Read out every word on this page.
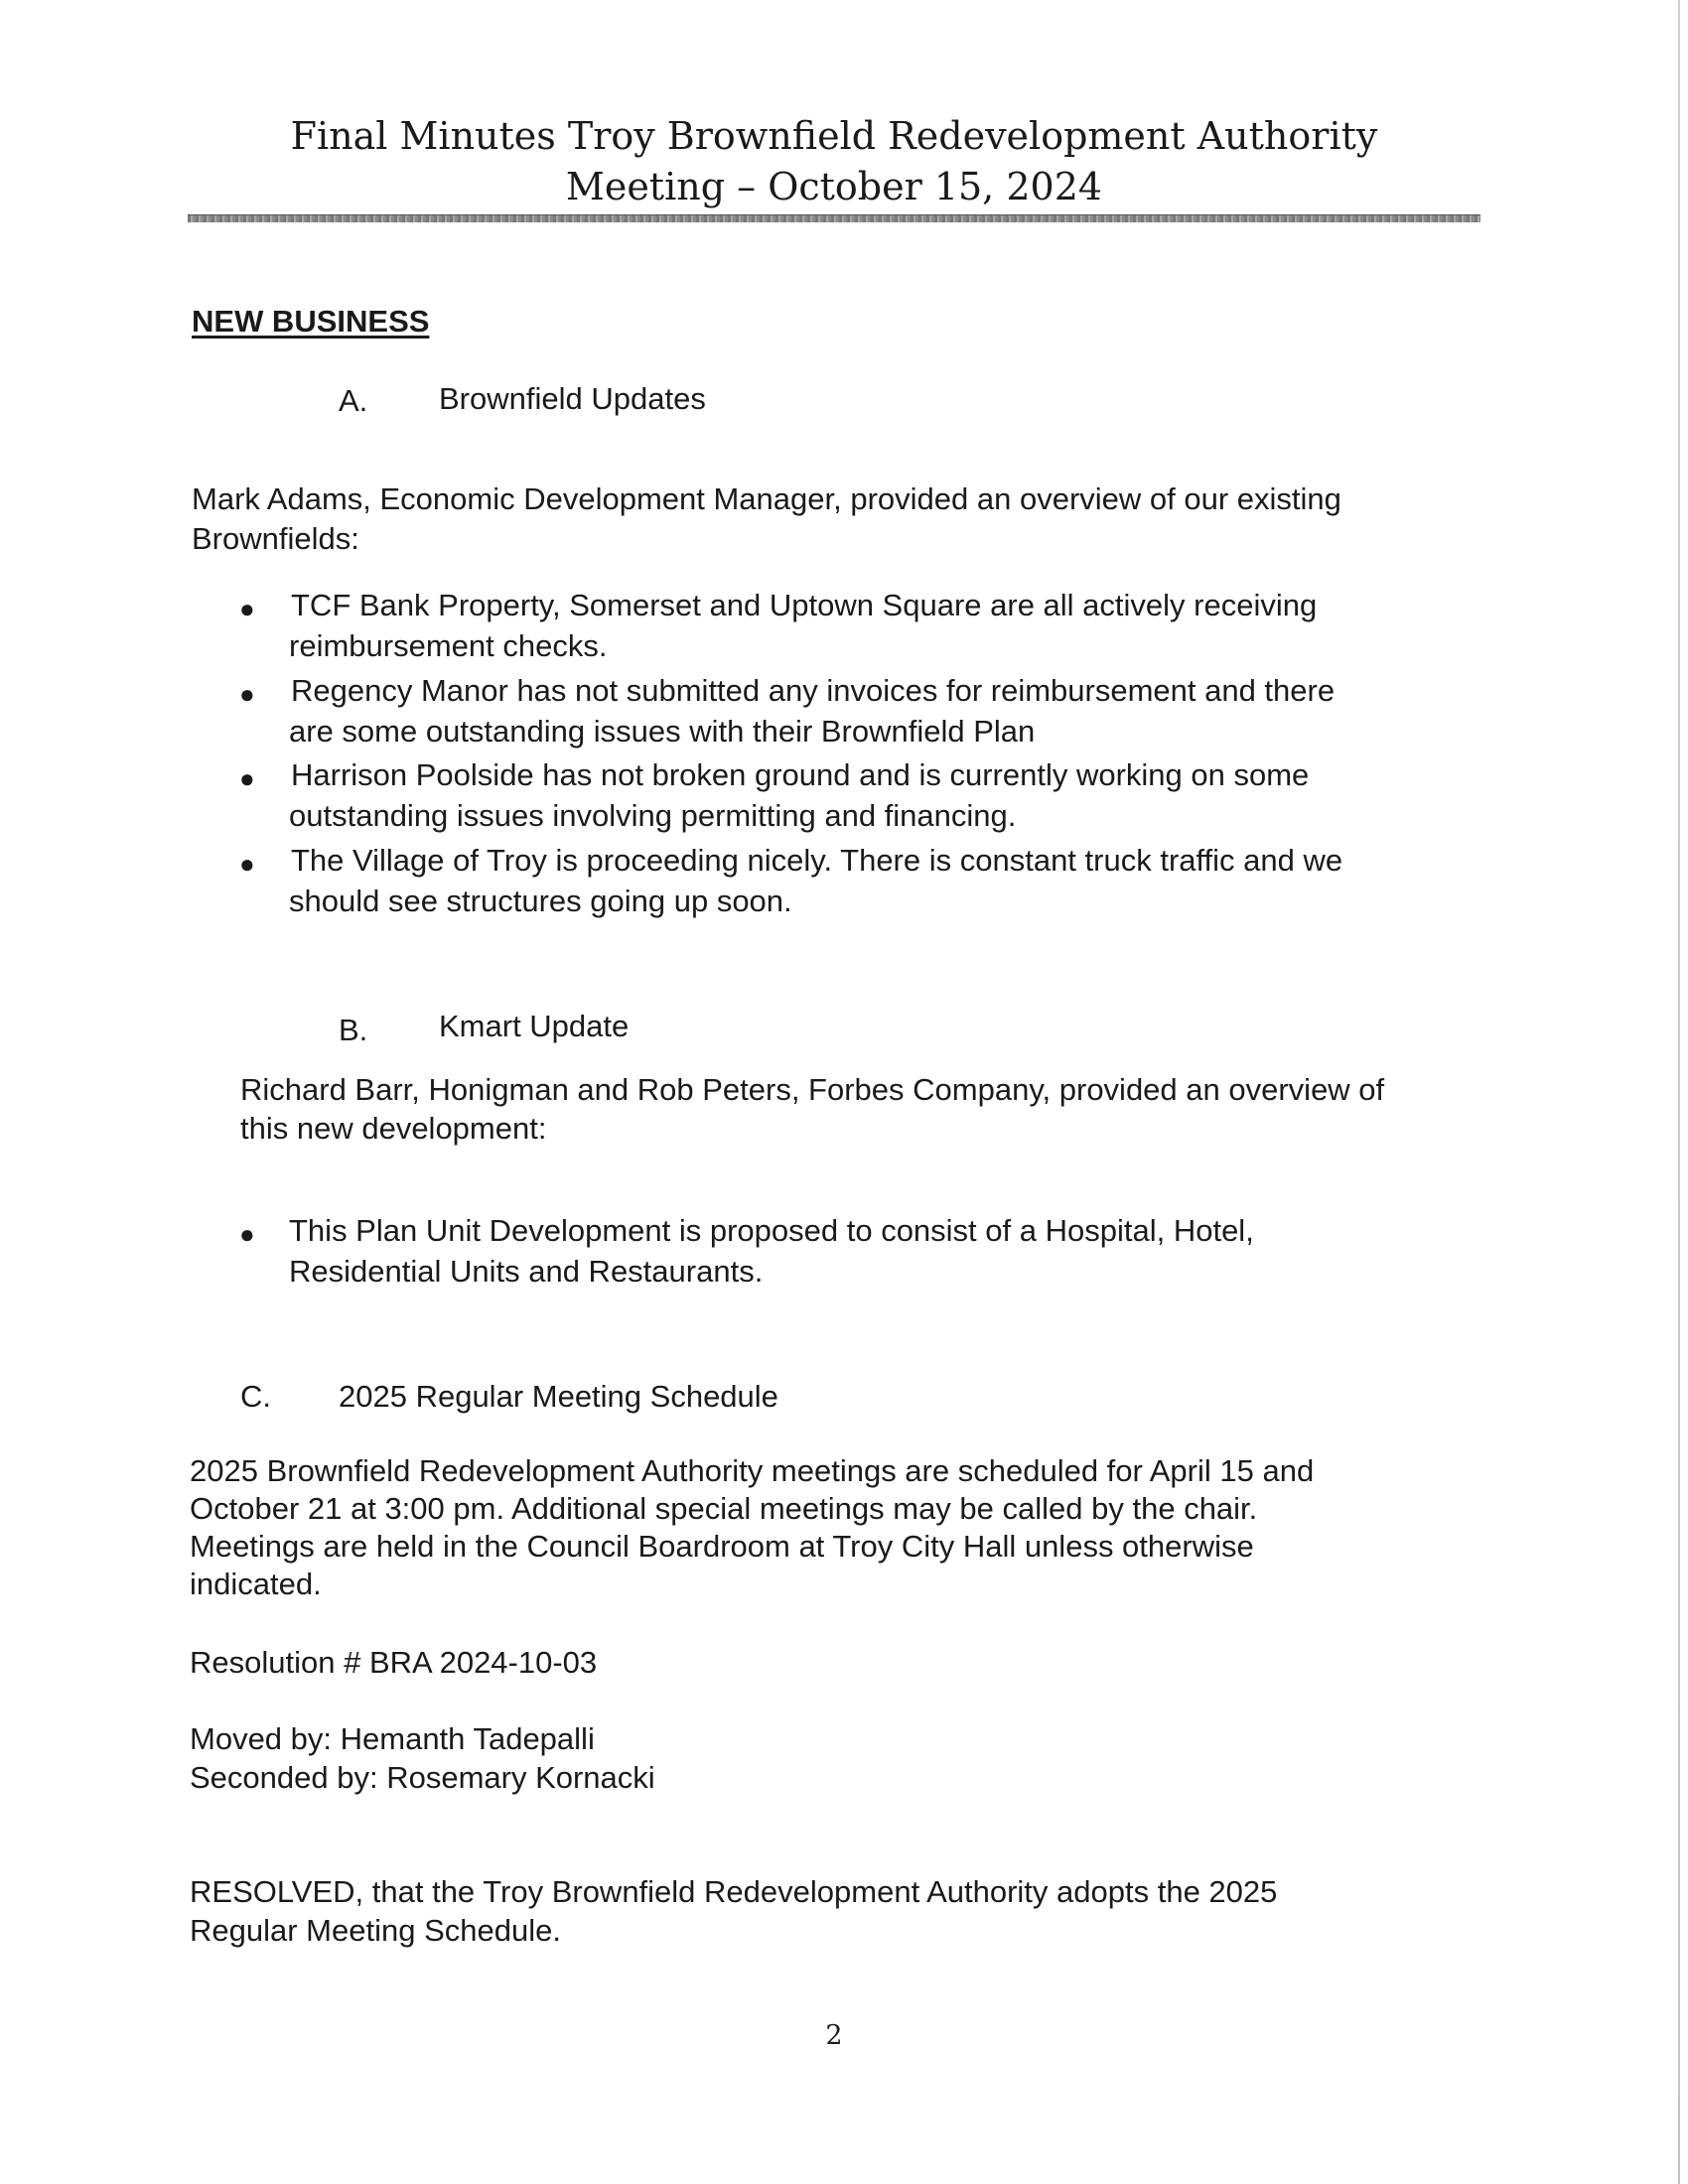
Final Minutes Troy Brownfield Redevelopment Authority
Meeting – October 15, 2024
NEW BUSINESS
A. Brownfield Updates
Mark Adams, Economic Development Manager, provided an overview of our existing
Brownfields:
● TCF Bank Property, Somerset and Uptown Square are all actively receiving
reimbursement checks.
● Regency Manor has not submitted any invoices for reimbursement and there
are some outstanding issues with their Brownfield Plan
● Harrison Poolside has not broken ground and is currently working on some
outstanding issues involving permitting and financing.
● The Village of Troy is proceeding nicely. There is constant truck traffic and we
should see structures going up soon.
B. Kmart Update
Richard Barr, Honigman and Rob Peters, Forbes Company, provided an overview of
this new development:
● This Plan Unit Development is proposed to consist of a Hospital, Hotel,
Residential Units and Restaurants.
C. 2025 Regular Meeting Schedule
2025 Brownfield Redevelopment Authority meetings are scheduled for April 15 and
October 21 at 3:00 pm. Additional special meetings may be called by the chair.
Meetings are held in the Council Boardroom at Troy City Hall unless otherwise
indicated.
Resolution # BRA 2024-10-03
Moved by: Hemanth Tadepalli
Seconded by: Rosemary Kornacki
RESOLVED, that the Troy Brownfield Redevelopment Authority adopts the 2025
Regular Meeting Schedule.
2
